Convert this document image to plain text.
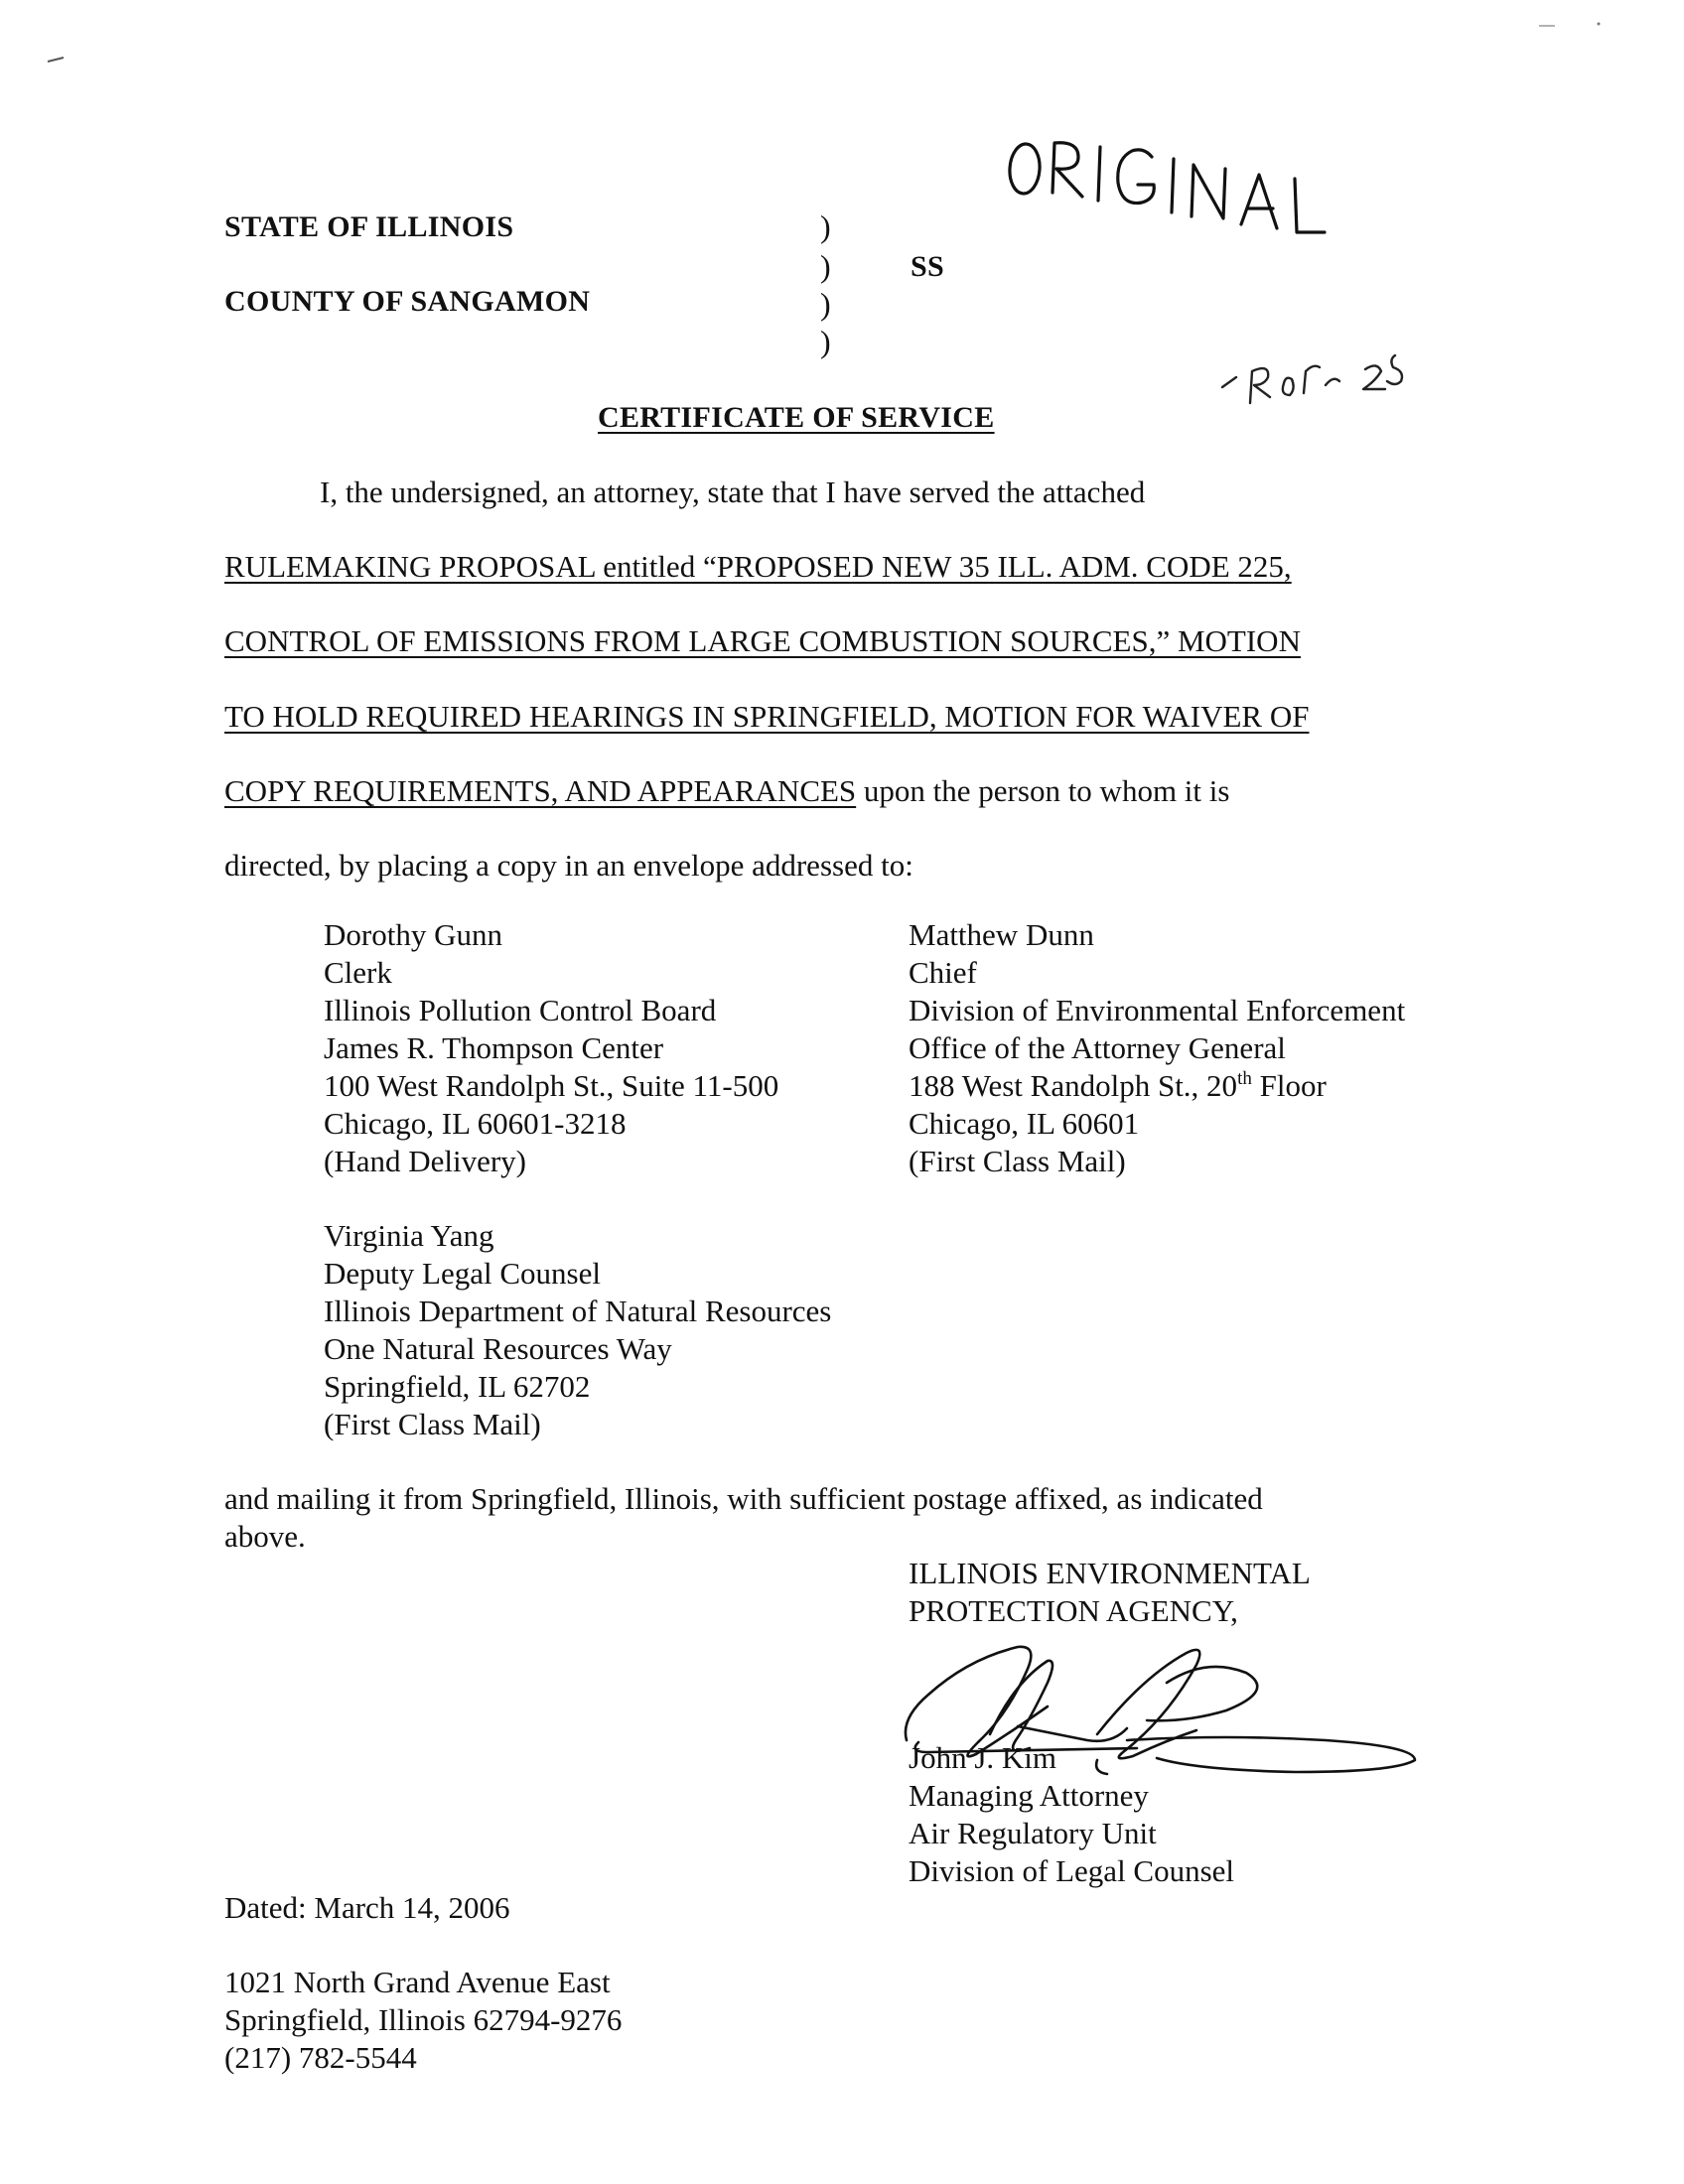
STATE OF ILLINOIS
COUNTY OF SANGAMON
)
)
)
)
SS
CERTIFICATE OF SERVICE
I, the undersigned, an attorney, state that I have served the attached
RULEMAKING PROPOSAL entitled “PROPOSED NEW 35 ILL. ADM. CODE 225,
CONTROL OF EMISSIONS FROM LARGE COMBUSTION SOURCES,” MOTION
TO HOLD REQUIRED HEARINGS IN SPRINGFIELD, MOTION FOR WAIVER OF
COPY REQUIREMENTS, AND APPEARANCES upon the person to whom it is
directed, by placing a copy in an envelope addressed to:
Dorothy Gunn
Clerk
Illinois Pollution Control Board
James R. Thompson Center
100 West Randolph St., Suite 11-500
Chicago, IL 60601-3218
(Hand Delivery)
Matthew Dunn
Chief
Division of Environmental Enforcement
Office of the Attorney General
188 West Randolph St., 20th Floor
Chicago, IL 60601
(First Class Mail)
Virginia Yang
Deputy Legal Counsel
Illinois Department of Natural Resources
One Natural Resources Way
Springfield, IL 62702
(First Class Mail)
and mailing it from Springfield, Illinois, with sufficient postage affixed, as indicated
above.
ILLINOIS ENVIRONMENTAL
PROTECTION AGENCY,
John J. Kim
Managing Attorney
Air Regulatory Unit
Division of Legal Counsel
Dated: March 14, 2006
1021 North Grand Avenue East
Springfield, Illinois 62794-9276
(217) 782-5544
